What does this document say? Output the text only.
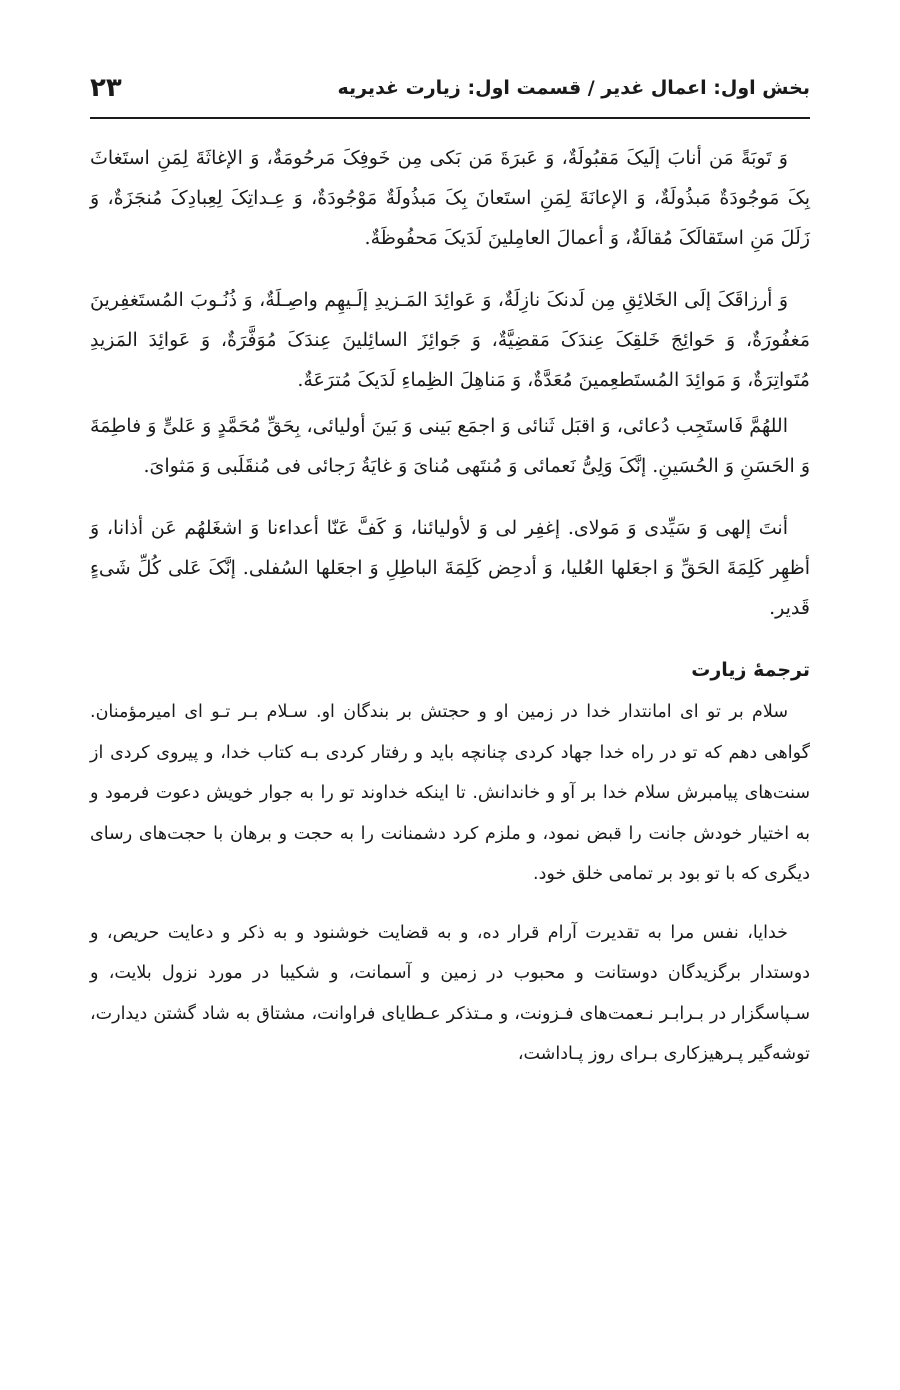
بخش اول: اعمال غدیر / قسمت اول: زیارت غدیریه
۲۳

وَ تَوبَةً مَن أنابَ إلَیکَ مَقبُولَةٌ، وَ عَبرَةَ مَن بَکی مِن خَوفِکَ مَرحُومَةٌ، وَ الإغاثَةَ لِمَنِ استَغاثَ بِکَ مَوجُودَةٌ مَبذُولَةٌ، وَ الإعانَةَ لِمَنِ استَعانَ بِکَ مَبذُولَةٌ مَوْجُودَةٌ، وَ عِـداتِکَ لِعِبادِکَ مُنجَزَةٌ، وَ زَلَلَ مَنِ استَقالَکَ مُقالَةٌ، وَ أعمالَ العامِلینَ لَدَیکَ مَحفُوظَةٌ.

وَ أرزاقَکَ إلَی الخَلائِقِ مِن لَدنکَ نازِلَةٌ، وَ عَوائِدَ المَـزیدِ إلَـیهِم واصِـلَةٌ، وَ ذُنُـوبَ المُستَغفِرینَ مَغفُورَةٌ، وَ حَوائِجَ خَلقِکَ عِندَکَ مَقضِیَّةٌ، وَ جَوائِزَ السائِلینَ عِندَکَ مُوَفَّرَةٌ، وَ عَوائِدَ المَزیدِ مُتَواتِرَةٌ، وَ مَوائِدَ المُستَطعِمینَ مُعَدَّةٌ، وَ مَناهِلَ الظِماءِ لَدَیکَ مُترَعَةٌ.

اللهُمَّ فَاستَجِب دُعائی، وَ اقبَل ثَنائی وَ اجمَع بَینی وَ بَینَ أولیائی، بِحَقِّ مُحَمَّدٍ وَ عَلیٍّ وَ فاطِمَةَ وَ الحَسَنِ وَ الحُسَینِ. إنَّکَ وَلِیُّ نَعمائی وَ مُنتَهی مُنایَ وَ غایَةُ رَجائی فی مُنقَلَبی وَ مَثوایَ.

أنتَ إلهی وَ سَیِّدی وَ مَولای. إغفِر لی وَ لأولیائنا، وَ کَفَّ عَنّا أعداءنا وَ اشغَلهُم عَن أذانا، وَ أظهِر کَلِمَةَ الحَقِّ وَ اجعَلها العُلیا، وَ أدحِض کَلِمَةَ الباطِلِ وَ اجعَلها السُفلی. إنَّکَ عَلی کُلِّ شَیءٍ قَدیر.

ترجمۀ زیارت

سلام بر تو ای امانتدار خدا در زمین او و حجتش بر بندگان او. سـلام بـر تـو ای امیرمؤمنان. گواهی دهم که تو در راه خدا جهاد کردی چنانچه باید و رفتار کردی بـه کتاب خدا، و پیروی کردی از سنت‌های پیامبرش سلام خدا بر آو و خاندانش. تا اینکه خداوند تو را به جوار خویش دعوت فرمود و به اختیار خودش جانت را قبض نمود، و ملزم کرد دشمنانت را به حجت و برهان با حجت‌های رسای دیگری که با تو بود بر تمامی خلق خود.

خدایا، نفس مرا به تقدیرت آرام قرار ده، و به قضایت خوشنود و به ذکر و دعایت حریص، و دوستدار برگزیدگان دوستانت و محبوب در زمین و آسمانت، و شکیبا در مورد نزول بلایت، و سـپاسگزار در بـرابـر نـعمت‌های فـزونت، و مـتذکر عـطایای فراوانت، مشتاق به شاد گشتن دیدارت، توشه‌گیر پـرهیزکاری بـرای روز پـاداشت،
